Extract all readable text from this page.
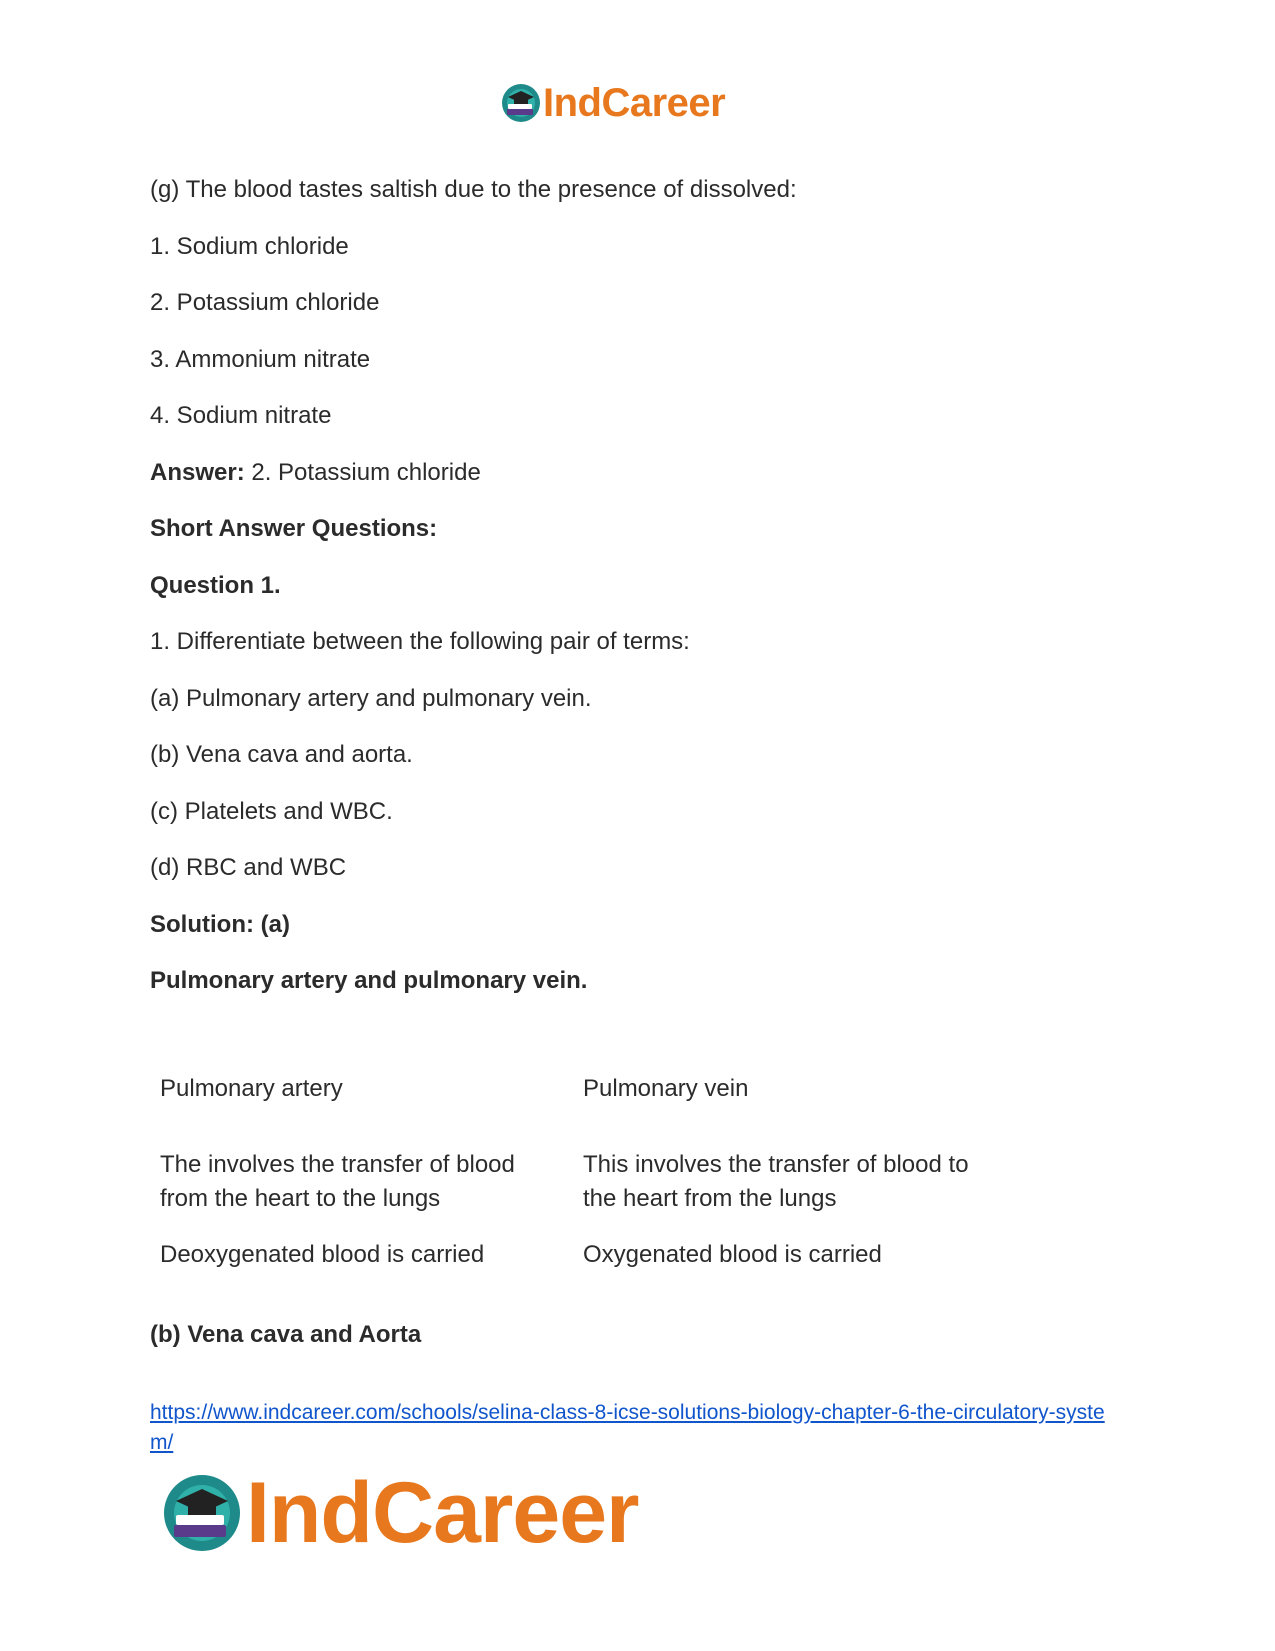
IndCareer
(g) The blood tastes saltish due to the presence of dissolved:
1. Sodium chloride
2. Potassium chloride
3. Ammonium nitrate
4. Sodium nitrate
Answer: 2. Potassium chloride
Short Answer Questions:
Question 1.
1. Differentiate between the following pair of terms:
(a) Pulmonary artery and pulmonary vein.
(b) Vena cava and aorta.
(c) Platelets and WBC.
(d) RBC and WBC
Solution: (a)
Pulmonary artery and pulmonary vein.
Pulmonary artery	Pulmonary vein
The involves the transfer of blood from the heart to the lungs	This involves the transfer of blood to the heart from the lungs
Deoxygenated blood is carried	Oxygenated blood is carried
(b) Vena cava and Aorta
https://www.indcareer.com/schools/selina-class-8-icse-solutions-biology-chapter-6-the-circulatory-system/
IndCareer
